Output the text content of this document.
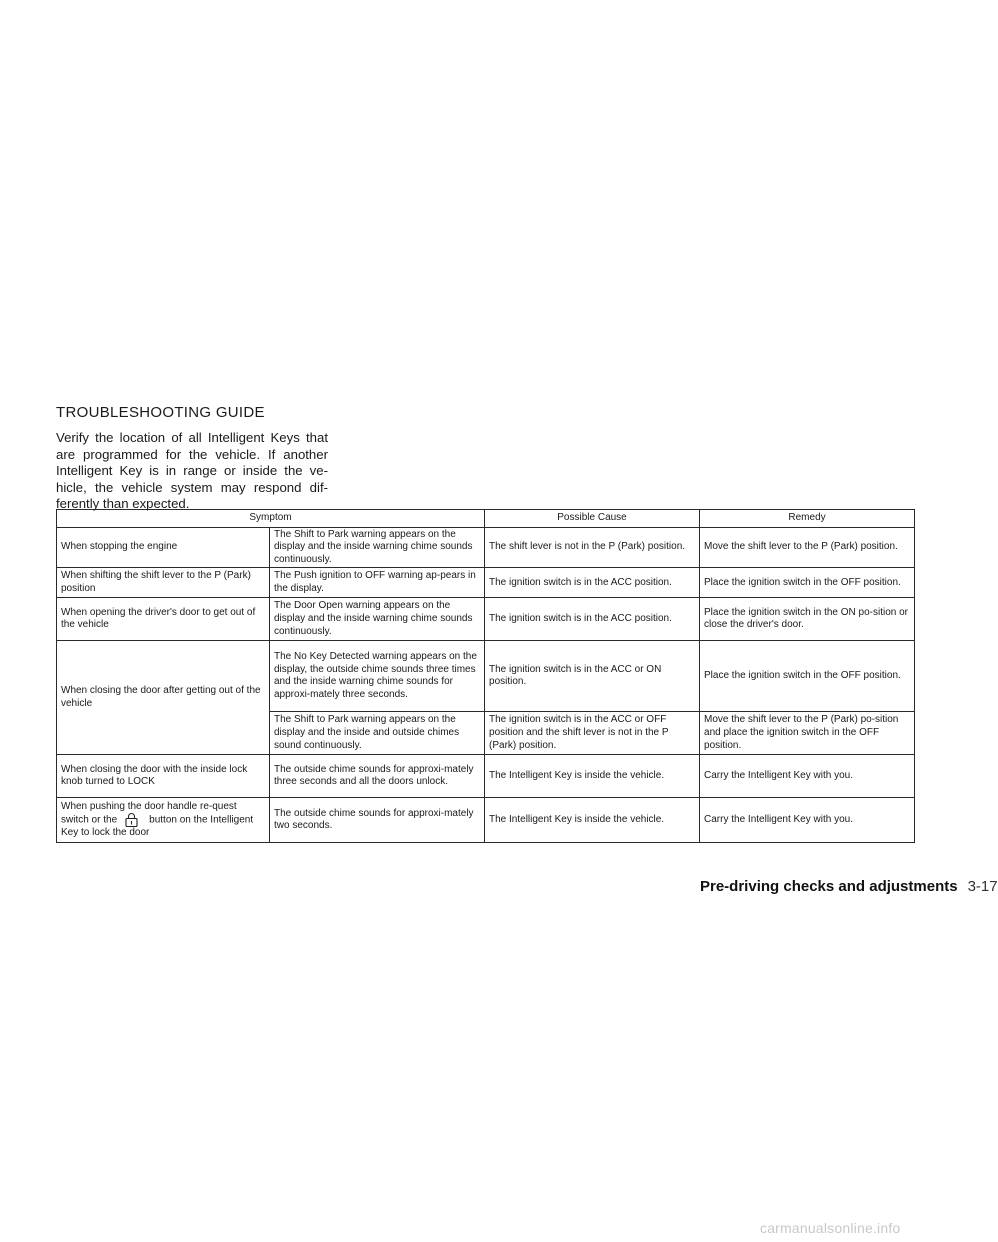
TROUBLESHOOTING GUIDE
Verify the location of all Intelligent Keys that are programmed for the vehicle. If another Intelligent Key is in range or inside the ve-hicle, the vehicle system may respond dif-ferently than expected.
Symptom		Possible Cause	Remedy
When stopping the engine	The Shift to Park warning appears on the display and the inside warning chime sounds continuously.	The shift lever is not in the P (Park) position.	Move the shift lever to the P (Park) position.
When shifting the shift lever to the P (Park) position	The Push ignition to OFF warning ap-pears in the display.	The ignition switch is in the ACC position.	Place the ignition switch in the OFF position.
When opening the driver's door to get out of the vehicle	The Door Open warning appears on the display and the inside warning chime sounds continuously.	The ignition switch is in the ACC position.	Place the ignition switch in the ON po-sition or close the driver's door.
When closing the door after getting out of the vehicle	The No Key Detected warning appears on the display, the outside chime sounds three times and the inside warning chime sounds for approxi-mately three seconds.	The ignition switch is in the ACC or ON position.	Place the ignition switch in the OFF position.
	The Shift to Park warning appears on the display and the inside and outside chimes sound continuously.	The ignition switch is in the ACC or OFF position and the shift lever is not in the P (Park) position.	Move the shift lever to the P (Park) po-sition and place the ignition switch in the OFF position.
When closing the door with the inside lock knob turned to LOCK	The outside chime sounds for approxi-mately three seconds and all the doors unlock.	The Intelligent Key is inside the vehicle.	Carry the Intelligent Key with you.
When pushing the door handle re-quest switch or the button on the Intelligent Key to lock the door	The outside chime sounds for approxi-mately two seconds.	The Intelligent Key is inside the vehicle.	Carry the Intelligent Key with you.
Pre-driving checks and adjustments 3-17
carmanualsonline.info
